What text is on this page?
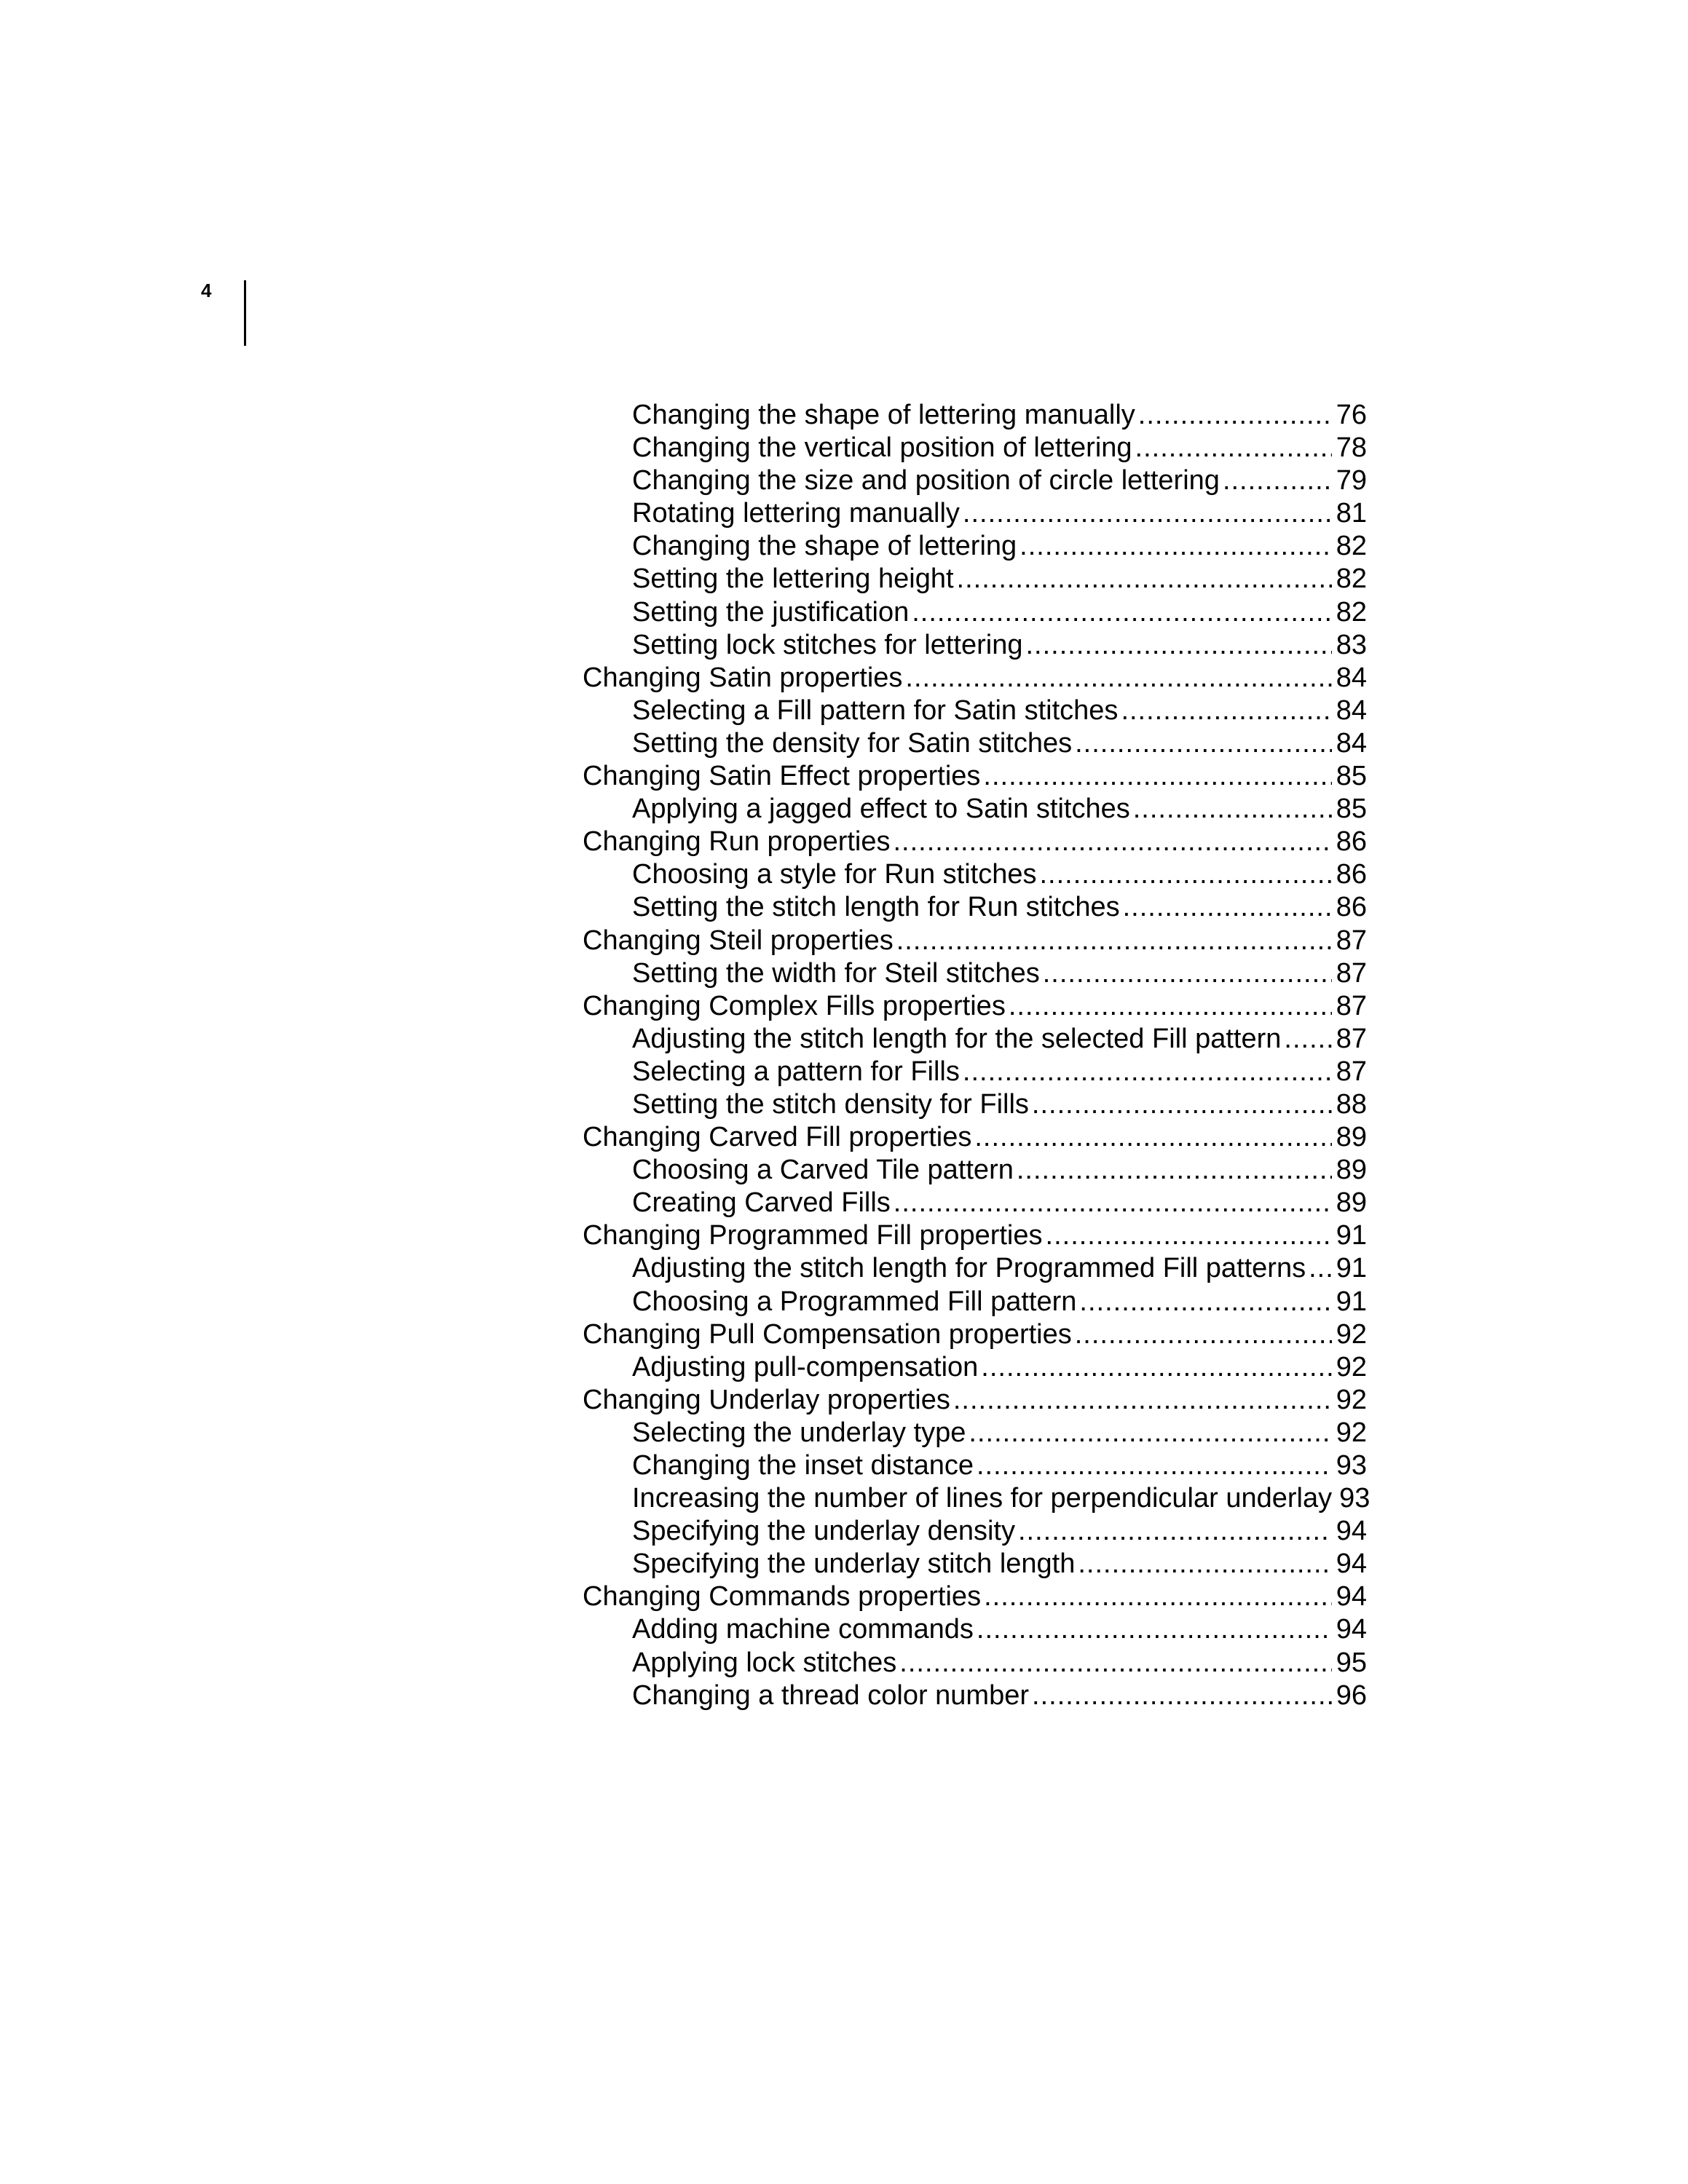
4
Changing the shape of lettering manually .....	76
Changing the vertical position of lettering .....	78
Changing the size and position of circle lettering .....	79
Rotating lettering manually .....	81
Changing the shape of lettering .....	82
Setting the lettering height .....	82
Setting the justification .....	82
Setting lock stitches for lettering .....	83
Changing Satin properties .....	84
Selecting a Fill pattern for Satin stitches .....	84
Setting the density for Satin stitches .....	84
Changing Satin Effect properties .....	85
Applying a jagged effect to Satin stitches .....	85
Changing Run properties .....	86
Choosing a style for Run stitches .....	86
Setting the stitch length for Run stitches .....	86
Changing Steil properties .....	87
Setting the width for Steil stitches .....	87
Changing Complex Fills properties .....	87
Adjusting the stitch length for the selected Fill pattern ..... 87
Selecting a pattern for Fills .....	87
Setting the stitch density for Fills .....	88
Changing Carved Fill properties .....	89
Choosing a Carved Tile pattern .....	89
Creating Carved Fills .....	89
Changing Programmed Fill properties .....	91
Adjusting the stitch length for Programmed Fill patterns ..... 91
Choosing a Programmed Fill pattern .....	91
Changing Pull Compensation properties .....	92
Adjusting pull-compensation .....	92
Changing Underlay properties .....	92
Selecting the underlay type .....	92
Changing the inset distance .....	93
Increasing the number of lines for perpendicular underlay 93
Specifying the underlay density .....	94
Specifying the underlay stitch length .....	94
Changing Commands properties .....	94
Adding machine commands .....	94
Applying lock stitches .....	95
Changing a thread color number .....	96
